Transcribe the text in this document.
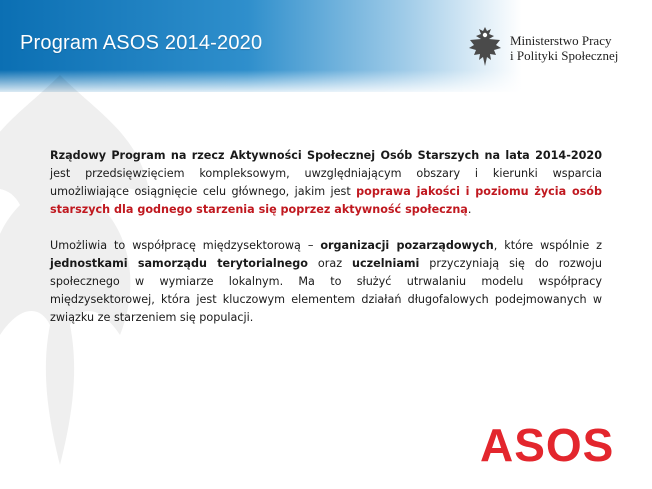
Program ASOS 2014-2020	Ministerstwo Pracy
i Polityki Społecznej

Rządowy Program na rzecz Aktywności Społecznej Osób Starszych na lata 2014-2020 jest przedsięwzięciem kompleksowym, uwzględniającym obszary i kierunki wsparcia umożliwiające osiągnięcie celu głównego, jakim jest poprawa jakości i poziomu życia osób starszych dla godnego starzenia się poprzez aktywność społeczną.

Umożliwia to współpracę międzysektorową – organizacji pozarządowych, które wspólnie z jednostkami samorządu terytorialnego oraz uczelniami przyczyniają się do rozwoju społecznego w wymiarze lokalnym. Ma to służyć utrwalaniu modelu współpracy międzysektorowej, która jest kluczowym elementem działań długofalowych podejmowanych w związku ze starzeniem się populacji.

ASOS
